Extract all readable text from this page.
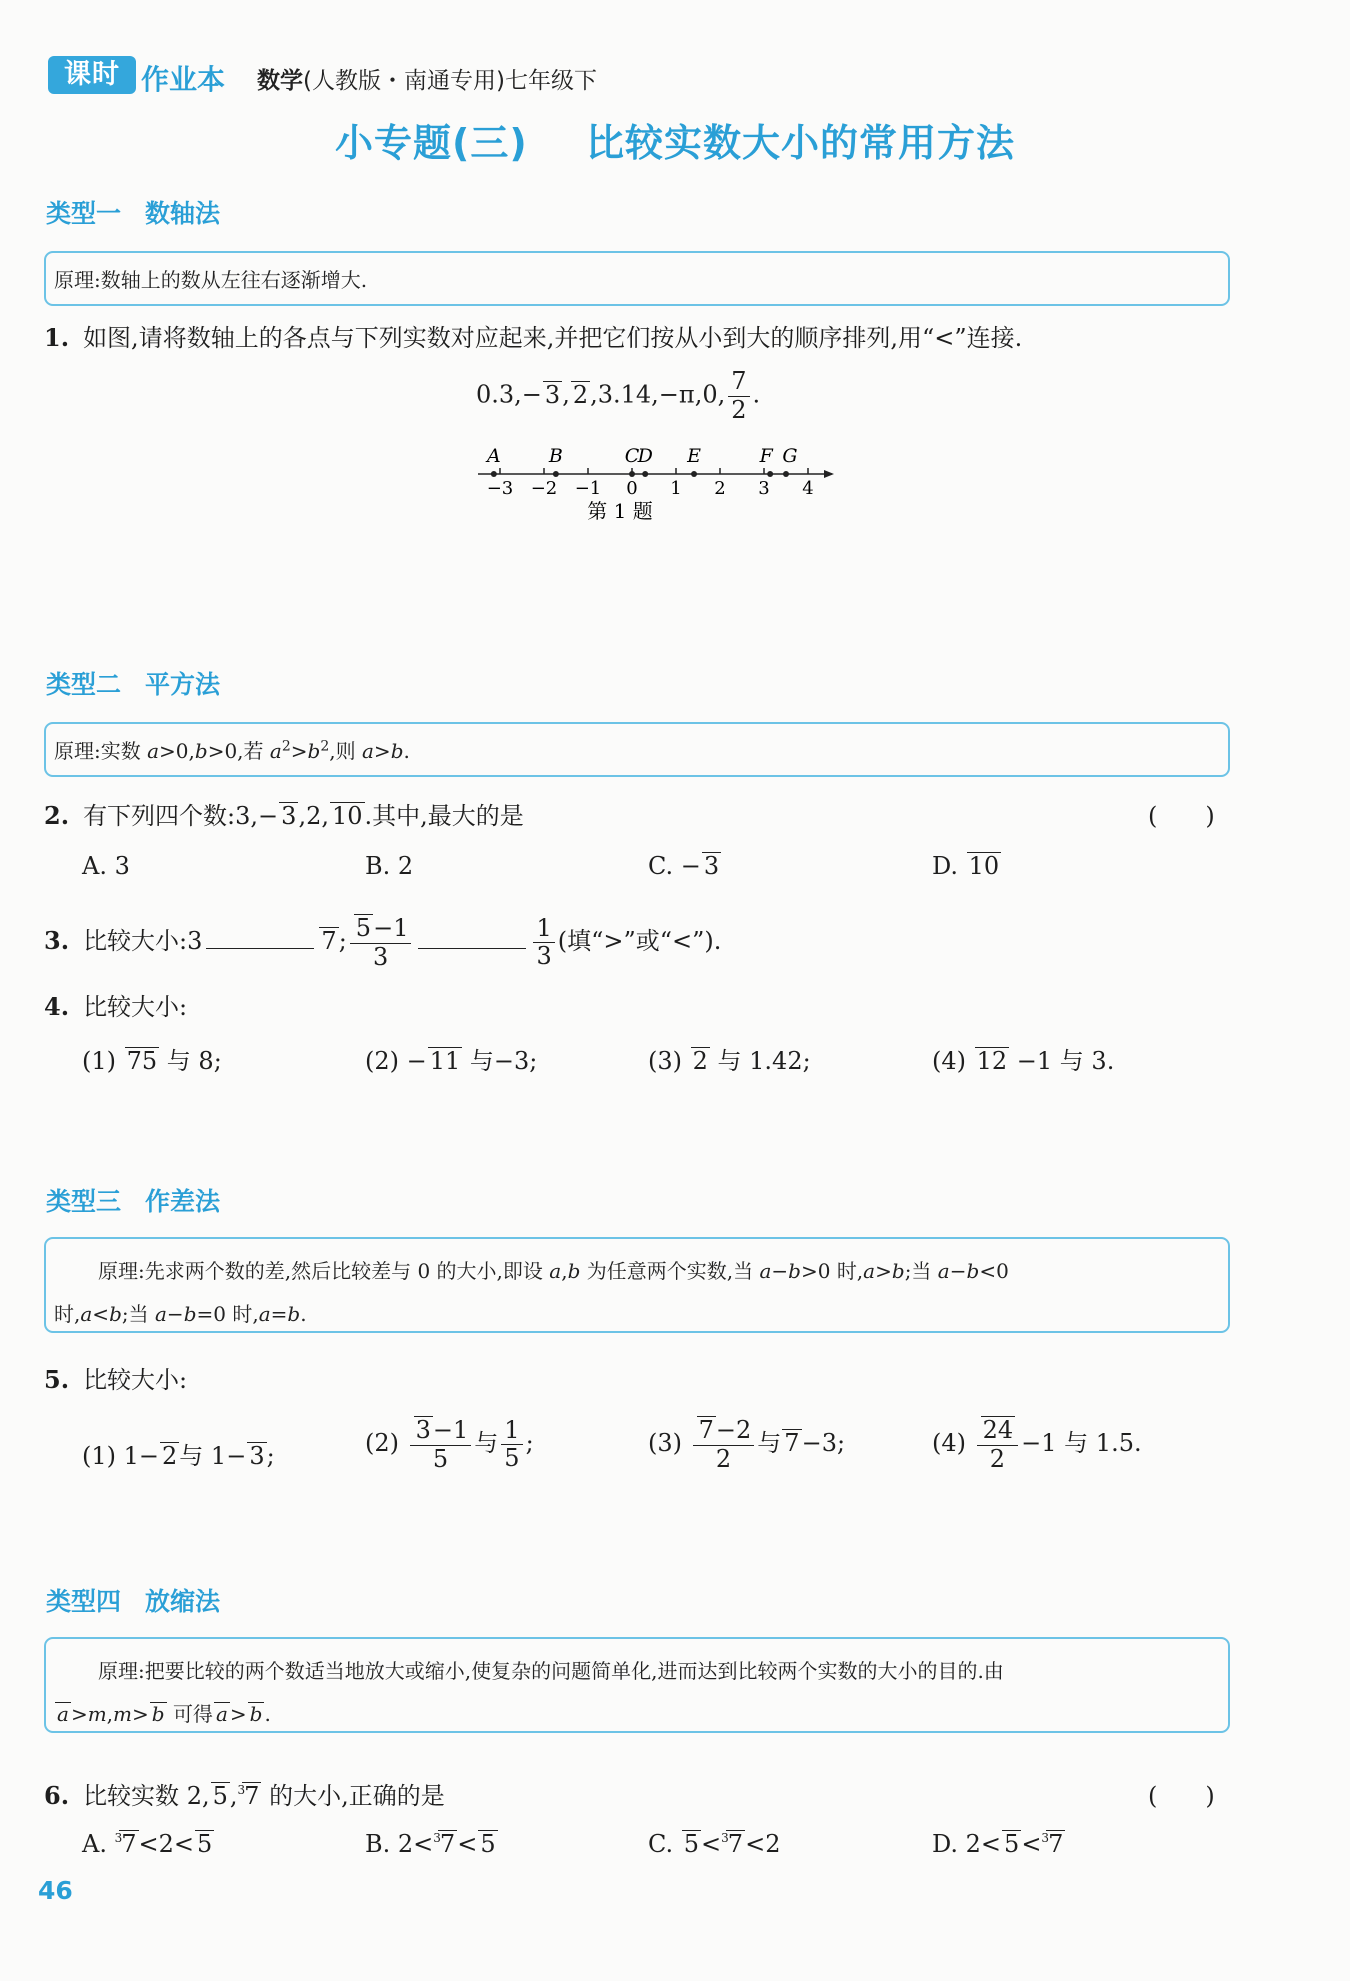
课时 作业本 数学(人教版・南通专用)七年级下
小专题(三) 比较实数大小的常用方法
类型一 数轴法
原理:数轴上的数从左往右逐渐增大.
1. 如图,请将数轴上的各点与下列实数对应起来,并把它们按从小到大的顺序排列,用“<”连接.
0.3,− 3, 2,3.14,−π,0, $\frac{7}{2}$ .
−3 −2 −1 0 1 2 3 4
A	B	C
D E	F G
第 1 题
类型二 平方法
原理:实数 a>0,b>0,若 $a^2>b^2$,则 a>b.
2. 有下列四个数:3,− 3,2, 10.其中,最大的是	(　　)
A. 3	B. 2	C. − 3	D. 10
3. 比较大小:3	7; $\frac{5-1}{3}$	$\frac{1}{3}$ (填“>”或“<”).
4. 比较大小:
(1) 75 与 8;	(2) − 11 与−3;	(3) 2 与 1.42;	(4) 12 −1 与 3.
类型三 作差法
原理:先求两个数的差,然后比较差与 0 的大小,即设 a,b 为任意两个实数,当 a−b>0 时,a>b;当 a−b<0
时,a<b;当 a−b=0 时,a=b.
5. 比较大小:
(1) 1− 2与 1− 3;	$(2) \frac{3-1}{5}$ 与 $\frac{1}{5}$ ;	$(3) \frac{7-2}{2}$ 与 7−3;	$(4) \frac{24}{2} -1$ 与 1.5.
类型四 放缩法
原理:把要比较的两个数适当地放大或缩小,使复杂的问题简单化,进而达到比较两个实数的大小的目的.由
a >m,m> b 可得 a > b .
6. 比较实数 2, 5,$^3$7 的大小,正确的是	(　　)
A. $^3$7<2< 5	B. 2<$^3$7< 5	C. 5<$^3$7<2	D. 2< 5<$^3$7
46
